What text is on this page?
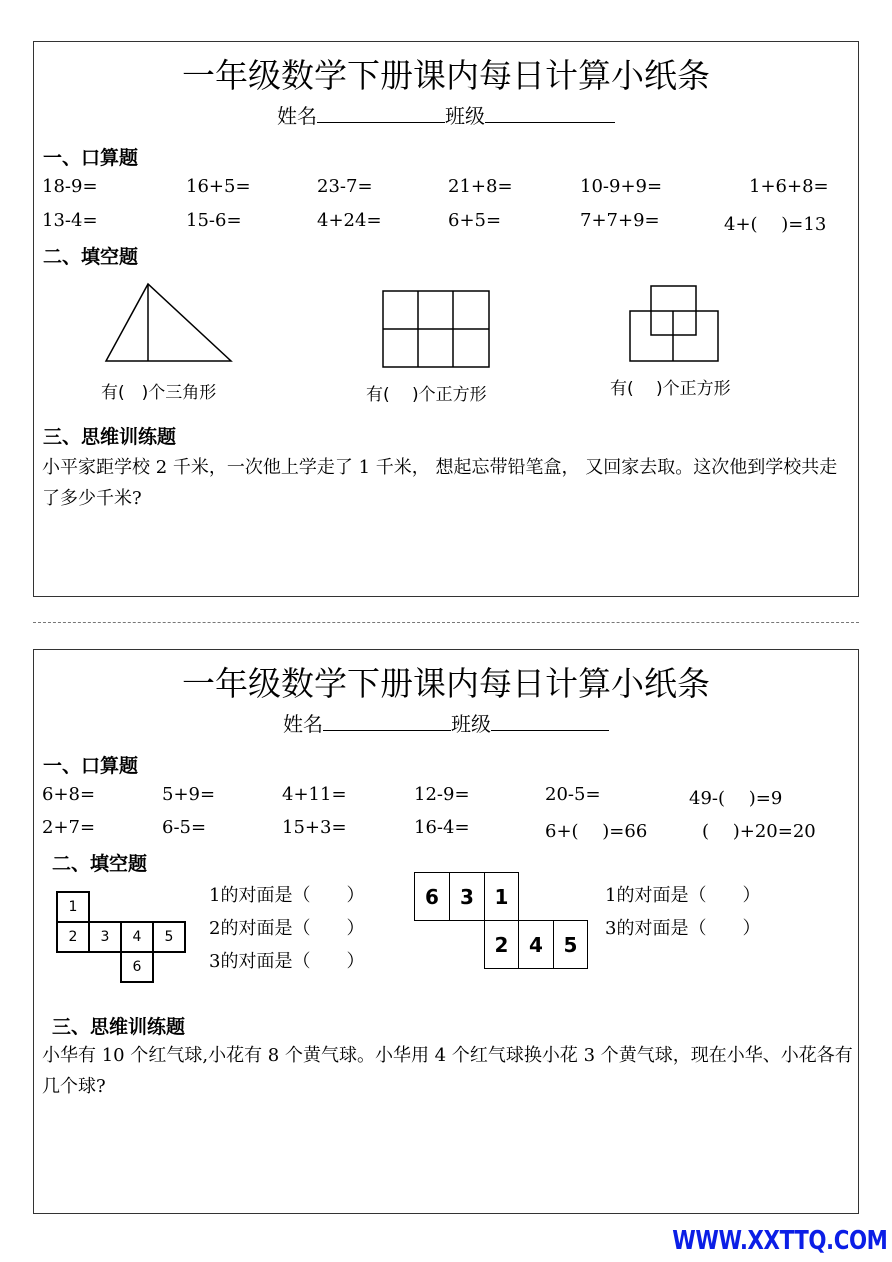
一年级数学下册课内每日计算小纸条
姓名	班级
一、口算题
18-9=	16+5=	23-7=	21+8=	10-9+9=	1+6+8=
13-4=	15-6=	4+24=	6+5=	7+7+9=	4+(　 )=13
二、填空题
有(　)个三角形	有(　 )个正方形	有(　 )个正方形
三、思维训练题
小平家距学校 2 千米，一次他上学走了 1 千米， 想起忘带铅笔盒， 又回家去取。这次他到学校共走了多少千米?
一年级数学下册课内每日计算小纸条
姓名	班级
一、口算题
6+8=	5+9=	4+11=	12-9=	20-5=	49-(　 )=9
2+7=	6-5=	15+3=	16-4=	6+(　 )=66	(　 )+20=20
二、填空题
1
2	3	4	5
6
1的对面是（　　）
2的对面是（　　）
3的对面是（　　）
6	3	1
2	4	5
1的对面是（　　）
3的对面是（　　）
三、思维训练题
小华有 10 个红气球,小花有 8 个黄气球。小华用 4 个红气球换小花 3 个黄气球，现在小华、小花各有几个球?
WWW.XXTTQ.COM
